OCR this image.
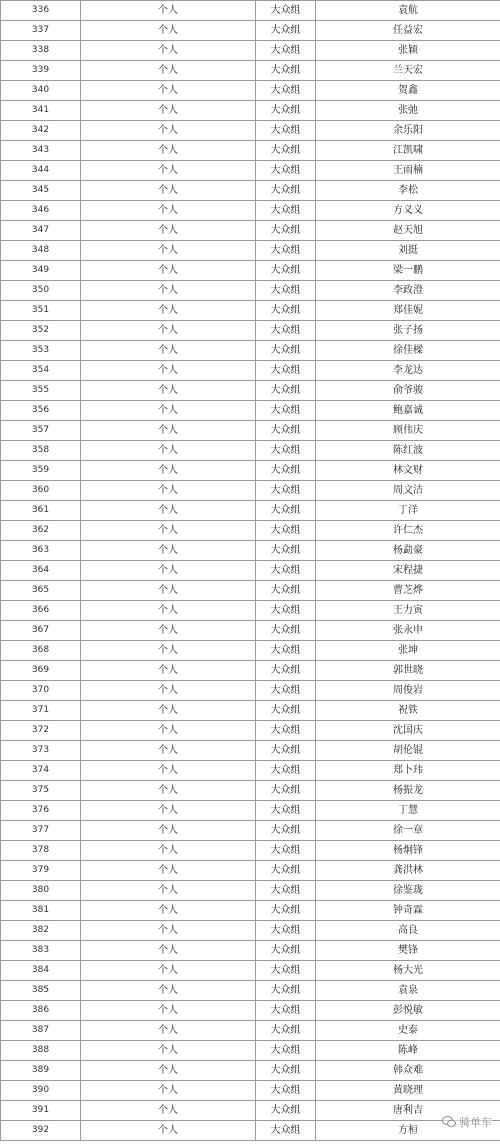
336	个人	大众组	袁航
337	个人	大众组	任益宏
338	个人	大众组	张颖
339	个人	大众组	兰天宏
340	个人	大众组	贺鑫
341	个人	大众组	张弛
342	个人	大众组	余乐阳
343	个人	大众组	江凯啸
344	个人	大众组	王雨楠
345	个人	大众组	李松
346	个人	大众组	方义义
347	个人	大众组	赵天旭
348	个人	大众组	刘挺
349	个人	大众组	梁一鹏
350	个人	大众组	李政澄
351	个人	大众组	郑佳妮
352	个人	大众组	张子扬
353	个人	大众组	徐佳樑
354	个人	大众组	李龙达
355	个人	大众组	俞爷骏
356	个人	大众组	鲍嘉诚
357	个人	大众组	顾伟庆
358	个人	大众组	陈红波
359	个人	大众组	林文财
360	个人	大众组	周文洁
361	个人	大众组	丁洋
362	个人	大众组	许仁杰
363	个人	大众组	杨勐豪
364	个人	大众组	宋程捷
365	个人	大众组	曹芝烨
366	个人	大众组	王力寅
367	个人	大众组	张永申
368	个人	大众组	张坤
369	个人	大众组	郭世晓
370	个人	大众组	周俊岩
371	个人	大众组	祝铁
372	个人	大众组	沈国庆
373	个人	大众组	胡伦锟
374	个人	大众组	郑卜玮
375	个人	大众组	杨振龙
376	个人	大众组	丁慧
377	个人	大众组	徐一章
378	个人	大众组	杨炯锋
379	个人	大众组	龚洪林
380	个人	大众组	徐鉴珑
381	个人	大众组	钟奇霖
382	个人	大众组	高良
383	个人	大众组	樊锋
384	个人	大众组	杨大光
385	个人	大众组	袁泉
386	个人	大众组	彭悦敏
387	个人	大众组	史泰
388	个人	大众组	陈峰
389	个人	大众组	韩众难
390	个人	大众组	黄晓理
391	个人	大众组	唐利吉
392	个人	大众组	方桓
骑单车
